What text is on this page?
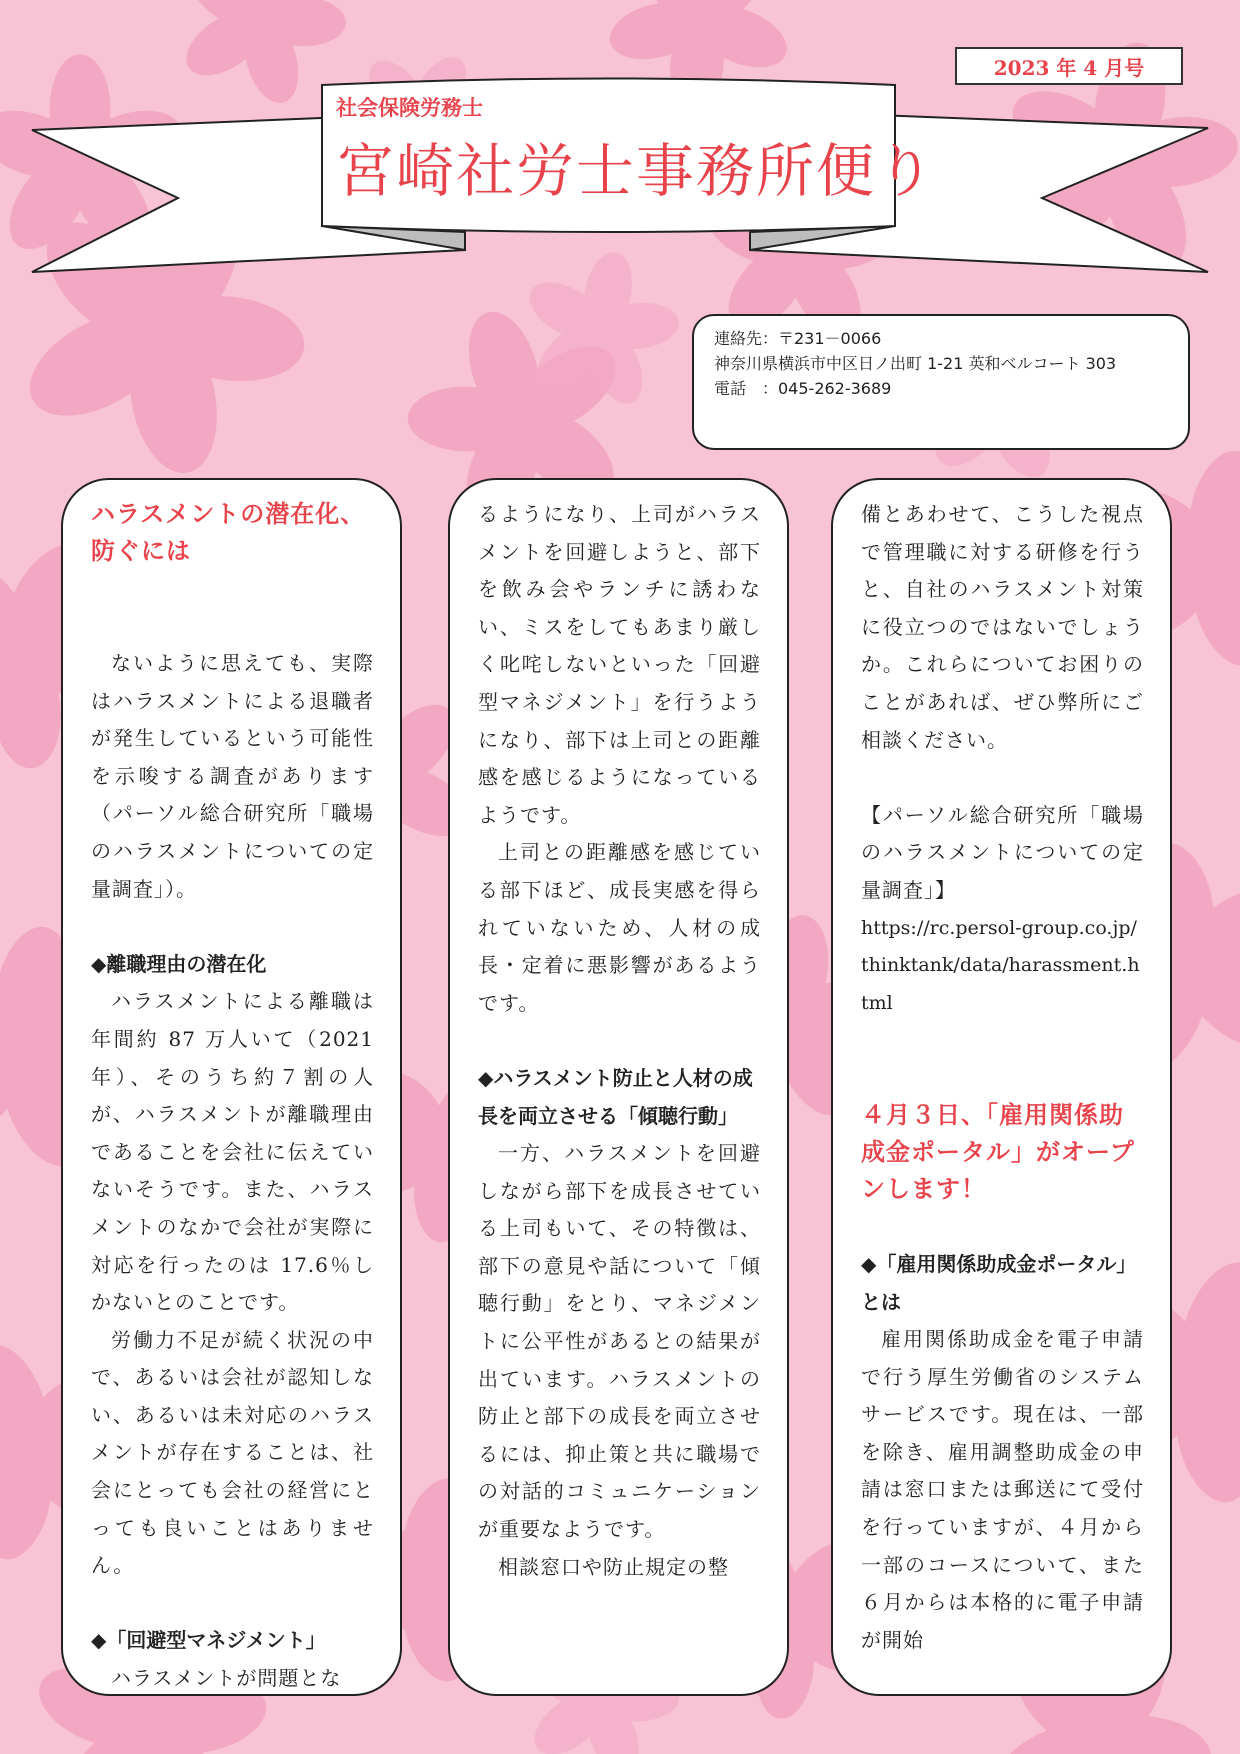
2023 年 4 月号
社会保険労務士
宮崎社労士事務所便り
連絡先：〒231－0066
神奈川県横浜市中区日ノ出町 1-21 英和ベルコート 303
電話　：045-262-3689
ハラスメントの潜在化、
防ぐには

ないように思えても、実際はハラスメントによる退職者が発生しているという可能性を示唆する調査があります（パーソル総合研究所「職場のハラスメントについての定量調査」）。

◆離職理由の潜在化

ハラスメントによる離職は年間約 87 万人いて（2021 年）、そのうち約７割の人が、ハラスメントが離職理由であることを会社に伝えていないそうです。また、ハラスメントのなかで会社が実際に対応を行ったのは 17.6％しかないとのことです。

労働力不足が続く状況の中で、あるいは会社が認知しない、あるいは未対応のハラスメントが存在することは、社会にとっても会社の経営にとっても良いことはありません。

◆「回避型マネジメント」

ハラスメントが問題とな

るようになり、上司がハラスメントを回避しようと、部下を飲み会やランチに誘わない、ミスをしてもあまり厳しく叱咤しないといった「回避型マネジメント」を行うようになり、部下は上司との距離感を感じるようになっているようです。

上司との距離感を感じている部下ほど、成長実感を得られていないため、人材の成長・定着に悪影響があるようです。

◆ハラスメント防止と人材の成長を両立させる「傾聴行動」

一方、ハラスメントを回避しながら部下を成長させている上司もいて、その特徴は、部下の意見や話について「傾聴行動」をとり、マネジメントに公平性があるとの結果が出ています。ハラスメントの防止と部下の成長を両立させるには、抑止策と共に職場での対話的コミュニケーションが重要なようです。

相談窓口や防止規定の整

備とあわせて、こうした視点で管理職に対する研修を行うと、自社のハラスメント対策に役立つのではないでしょうか。これらについてお困りのことがあれば、ぜひ弊所にご相談ください。

【パーソル総合研究所「職場のハラスメントについての定量調査」】

https://rc.persol-group.co.jp/thinktank/data/harassment.html

４月３日、「雇用関係助成金ポータル」がオープンします！
◆「雇用関係助成金ポータル」とは

雇用関係助成金を電子申請で行う厚生労働省のシステムサービスです。現在は、一部を除き、雇用調整助成金の申請は窓口または郵送にて受付を行っていますが、４月から一部のコースについて、また６月からは本格的に電子申請が開始
